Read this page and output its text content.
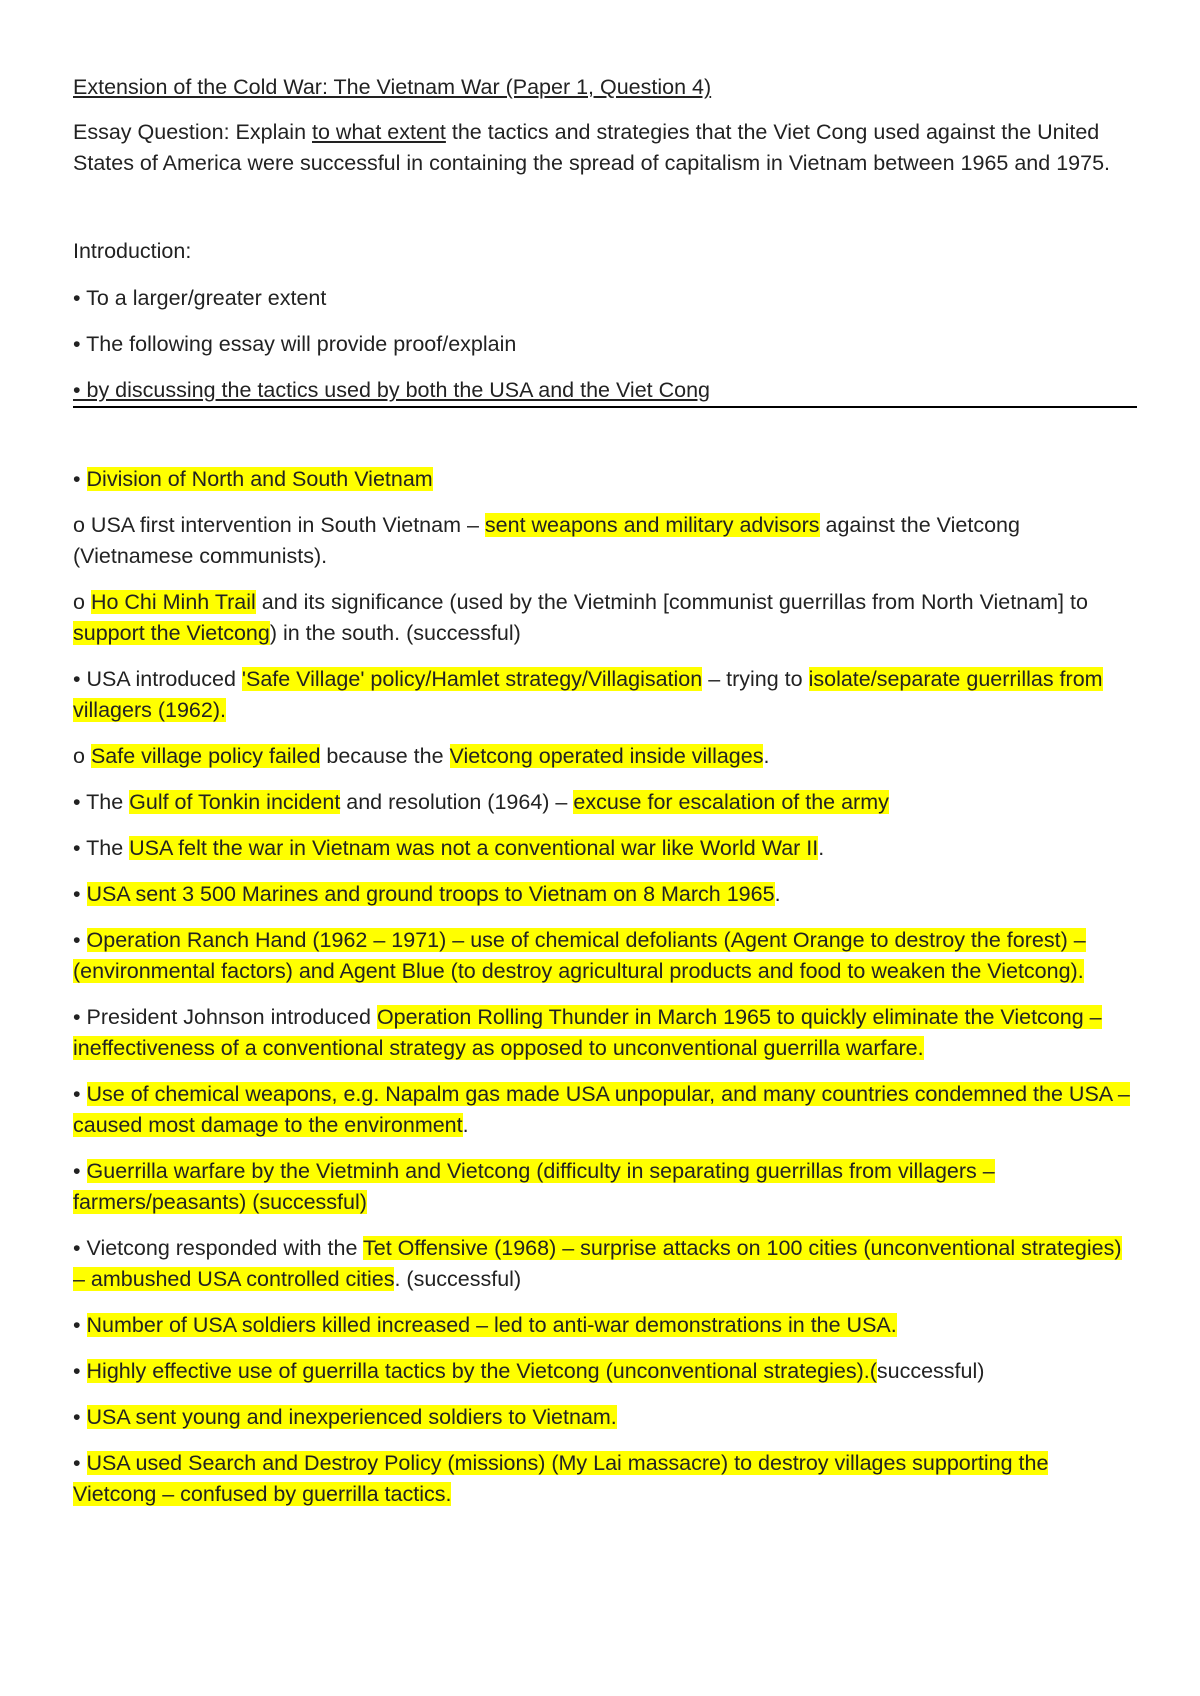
Extension of the Cold War: The Vietnam War (Paper 1, Question 4)

Essay Question: Explain to what extent the tactics and strategies that the Viet Cong used against the United States of America were successful in containing the spread of capitalism in Vietnam between 1965 and 1975.

Introduction:

• To a larger/greater extent

• The following essay will provide proof/explain

• by discussing the tactics used by both the USA and the Viet Cong

• Division of North and South Vietnam

o USA first intervention in South Vietnam – sent weapons and military advisors against the Vietcong (Vietnamese communists).

o Ho Chi Minh Trail and its significance (used by the Vietminh [communist guerrillas from North Vietnam] to support the Vietcong) in the south. (successful)

• USA introduced 'Safe Village' policy/Hamlet strategy/Villagisation – trying to isolate/separate guerrillas from villagers (1962).

o Safe village policy failed because the Vietcong operated inside villages.

• The Gulf of Tonkin incident and resolution (1964) – excuse for escalation of the army

• The USA felt the war in Vietnam was not a conventional war like World War II.

• USA sent 3 500 Marines and ground troops to Vietnam on 8 March 1965.

• Operation Ranch Hand (1962 – 1971) – use of chemical defoliants (Agent Orange to destroy the forest) – (environmental factors) and Agent Blue (to destroy agricultural products and food to weaken the Vietcong).

• President Johnson introduced Operation Rolling Thunder in March 1965 to quickly eliminate the Vietcong – ineffectiveness of a conventional strategy as opposed to unconventional guerrilla warfare.

• Use of chemical weapons, e.g. Napalm gas made USA unpopular, and many countries condemned the USA – caused most damage to the environment.

• Guerrilla warfare by the Vietminh and Vietcong (difficulty in separating guerrillas from villagers – farmers/peasants) (successful)

• Vietcong responded with the Tet Offensive (1968) – surprise attacks on 100 cities (unconventional strategies) – ambushed USA controlled cities. (successful)

• Number of USA soldiers killed increased – led to anti-war demonstrations in the USA.

• Highly effective use of guerrilla tactics by the Vietcong (unconventional strategies).(successful)

• USA sent young and inexperienced soldiers to Vietnam.

• USA used Search and Destroy Policy (missions) (My Lai massacre) to destroy villages supporting the Vietcong – confused by guerrilla tactics.
